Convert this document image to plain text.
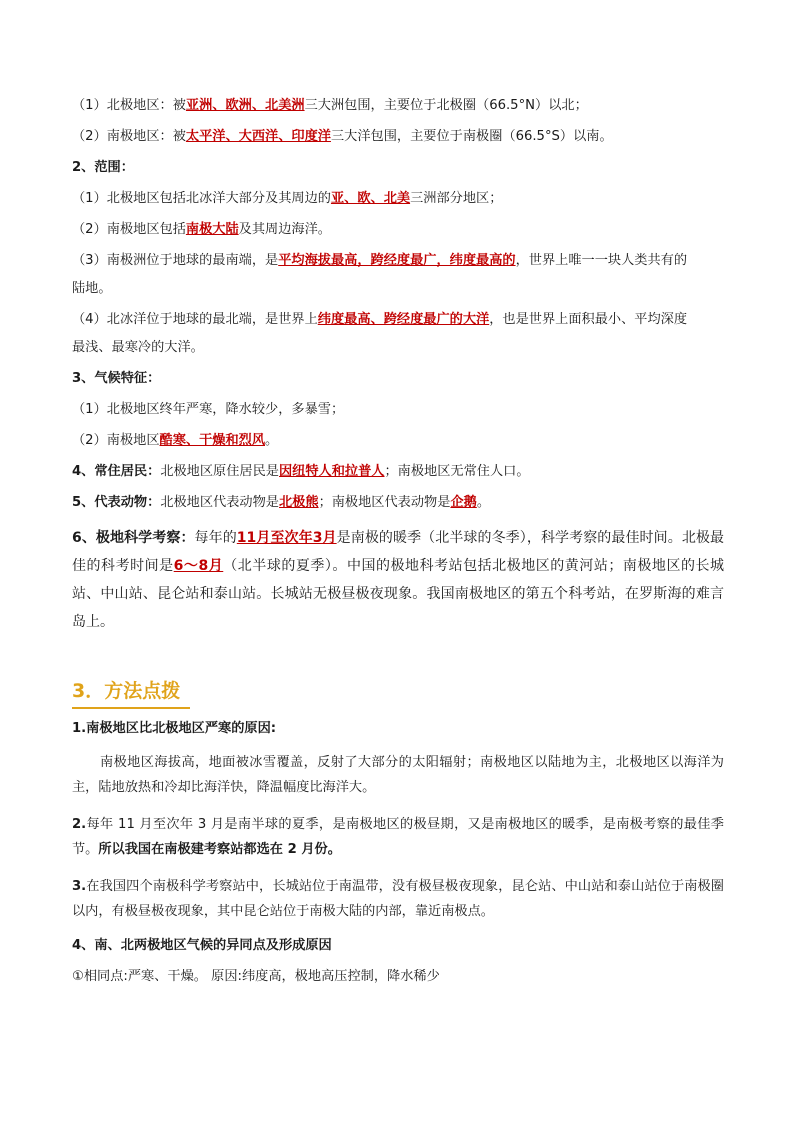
（1）北极地区：被亚洲、欧洲、北美洲三大洲包围，主要位于北极圈（66.5°N）以北；

（2）南极地区：被太平洋、大西洋、印度洋三大洋包围，主要位于南极圈（66.5°S）以南。

2、范围：

（1）北极地区包括北冰洋大部分及其周边的亚、欧、北美三洲部分地区；

（2）南极地区包括南极大陆及其周边海洋。

（3）南极洲位于地球的最南端，是平均海拔最高，跨经度最广，纬度最高的，世界上唯一一块人类共有的

陆地。

（4）北冰洋位于地球的最北端，是世界上纬度最高、跨经度最广的大洋，也是世界上面积最小、平均深度

最浅、最寒冷的大洋。

3、气候特征：

（1）北极地区终年严寒，降水较少，多暴雪；

（2）南极地区酷寒、干燥和烈风。

4、常住居民：北极地区原住居民是因纽特人和拉普人；南极地区无常住人口。

5、代表动物：北极地区代表动物是北极熊；南极地区代表动物是企鹅。

6、极地科学考察：每年的11月至次年3月是南极的暖季（北半球的冬季），科学考察的最佳时间。北极最佳的科考时间是6～8月（北半球的夏季）。中国的极地科考站包括北极地区的黄河站；南极地区的长城站、中山站、昆仑站和泰山站。长城站无极昼极夜现象。我国南极地区的第五个科考站，在罗斯海的难言岛上。

3．方法点拨

1.南极地区比北极地区严寒的原因:

南极地区海拔高，地面被冰雪覆盖，反射了大部分的太阳辐射；南极地区以陆地为主，北极地区以海洋为主，陆地放热和冷却比海洋快，降温幅度比海洋大。

2.每年 11 月至次年 3 月是南半球的夏季，是南极地区的极昼期，又是南极地区的暖季，是南极考察的最佳季节。所以我国在南极建考察站都选在 2 月份。

3.在我国四个南极科学考察站中，长城站位于南温带，没有极昼极夜现象，昆仑站、中山站和泰山站位于南极圈以内，有极昼极夜现象，其中昆仑站位于南极大陆的内部，靠近南极点。

4、南、北两极地区气候的异同点及形成原因

①相同点:严寒、干燥。 原因:纬度高，极地高压控制，降水稀少
